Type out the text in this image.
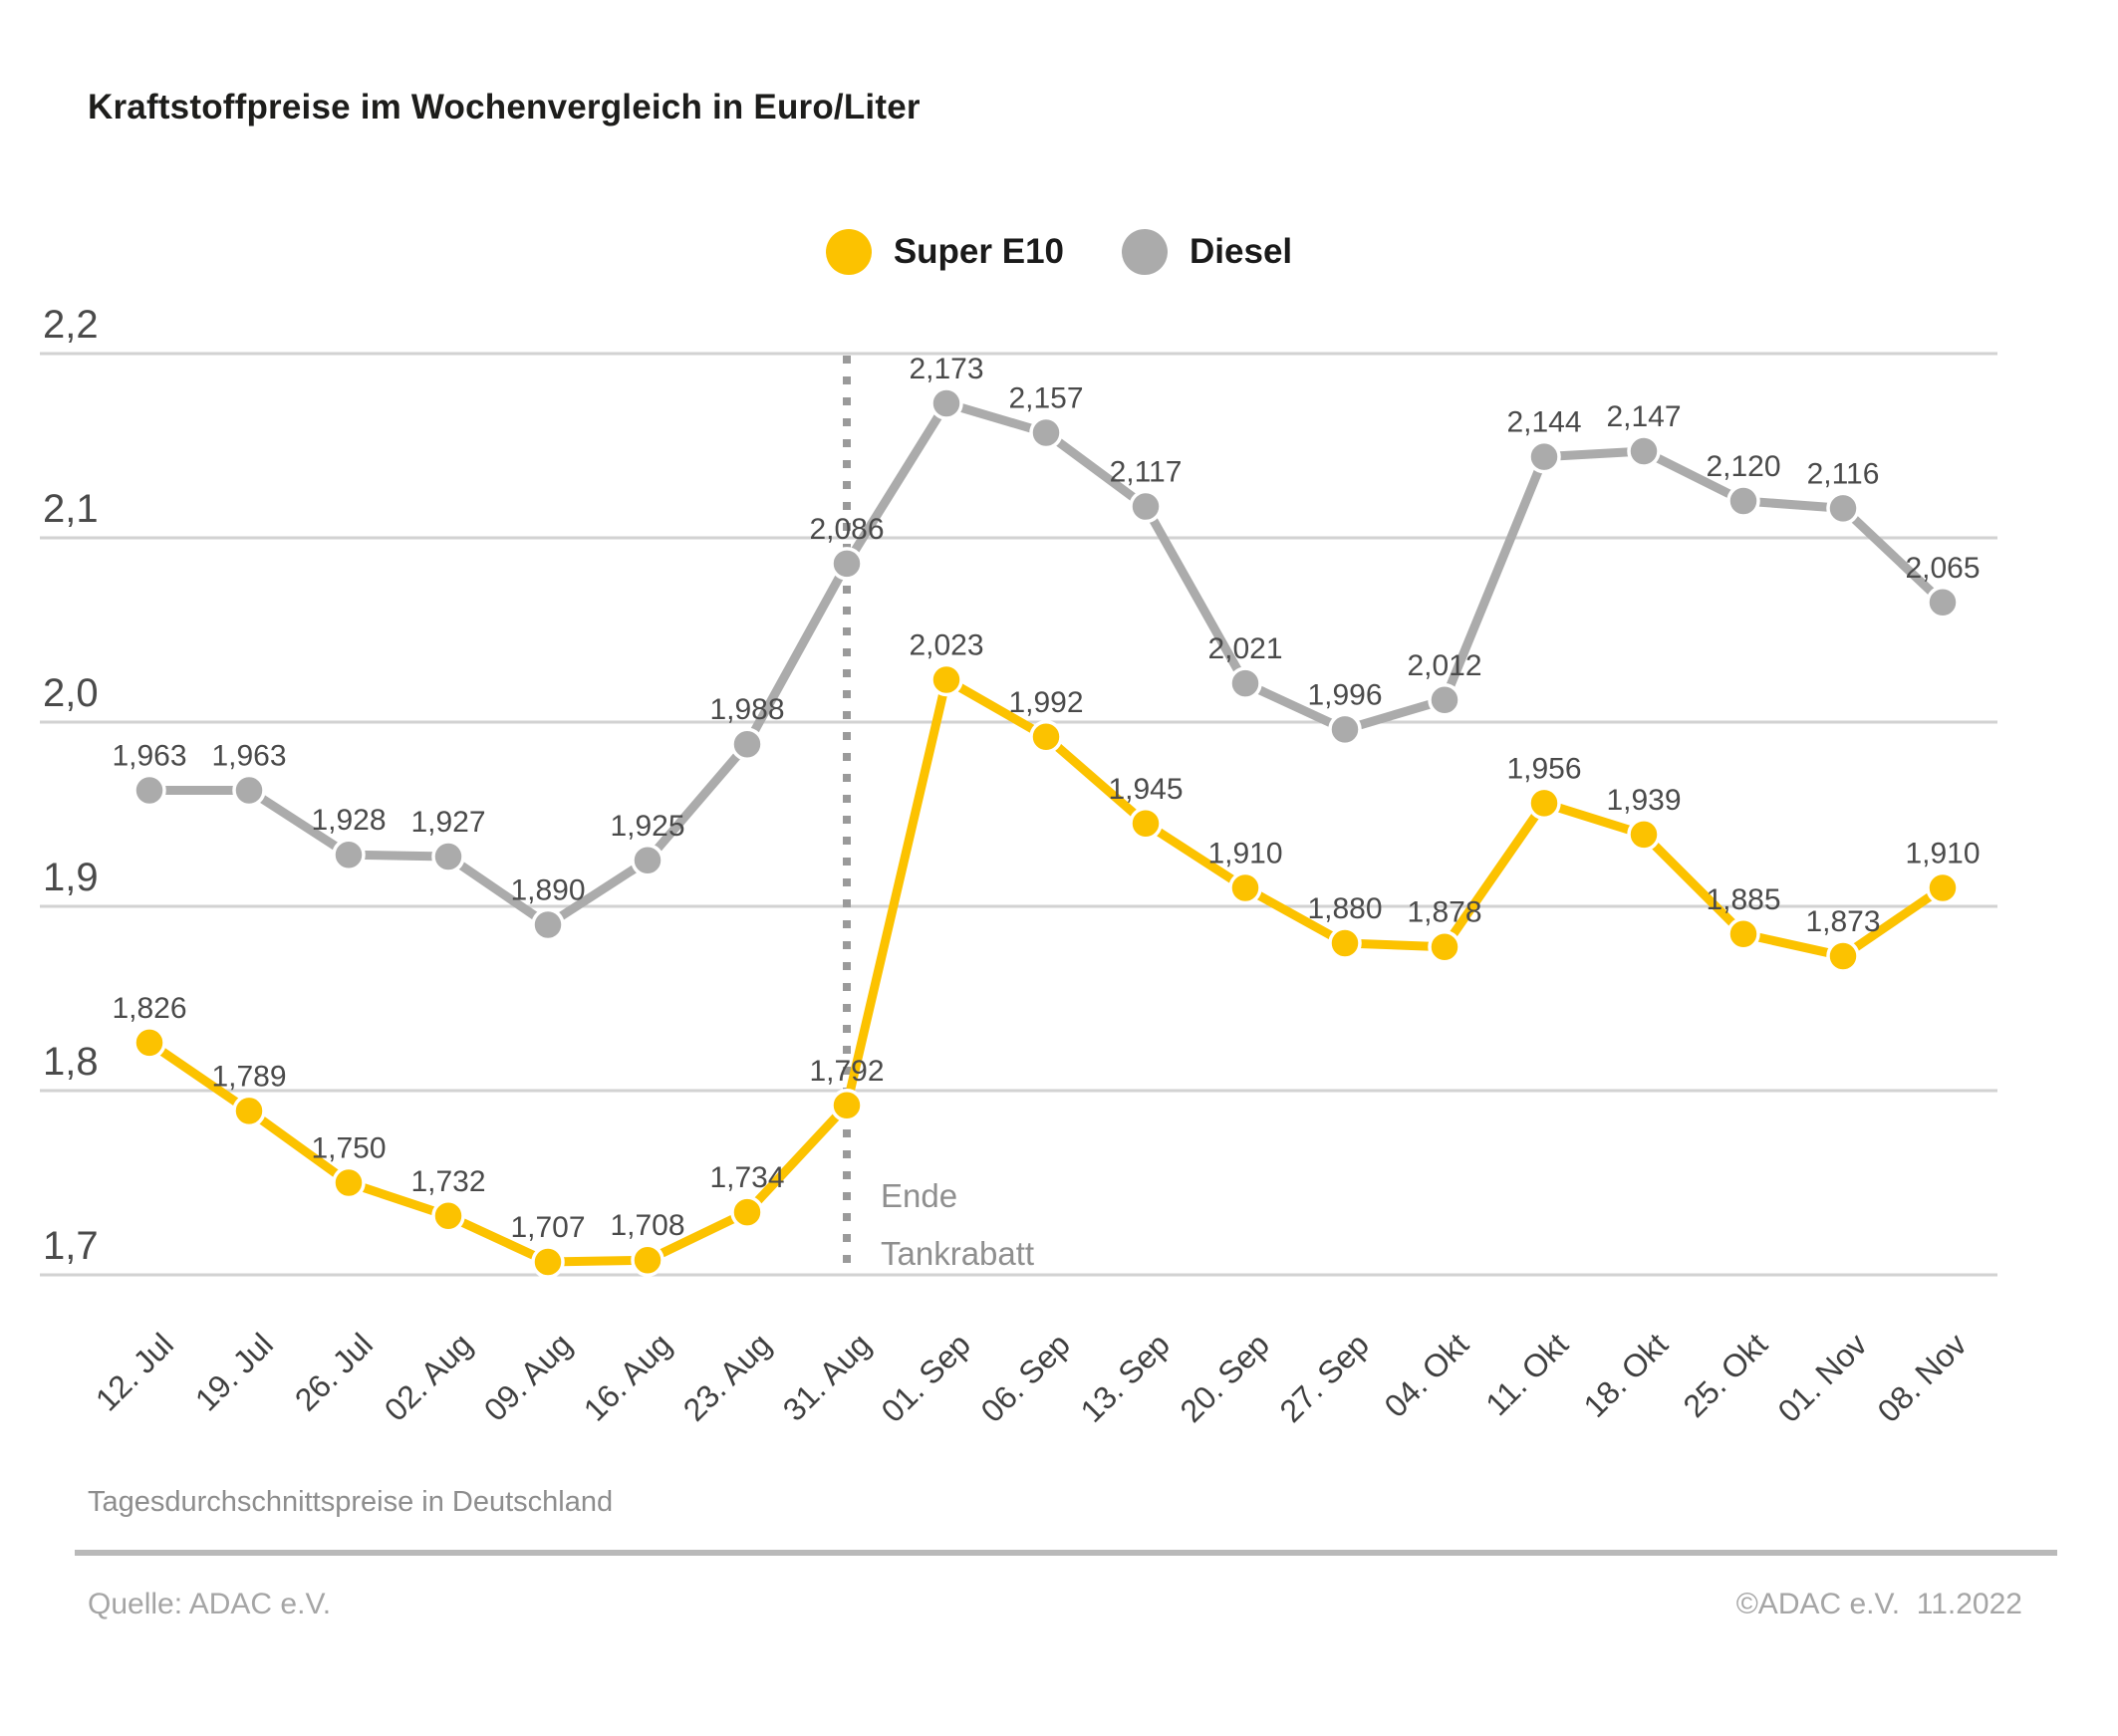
Kraftstoffpreise im Wochenvergleich in Euro/Liter
Super E10	Diesel
2,2
2,1
2,0
1,9
1,8
1,7
12. Jul 19. Jul 26. Jul
02. Aug
09. Aug
16. Aug
23. Aug
31. Aug
01. Sep
06. Sep
13. Sep
20. Sep
27. Sep 04. Okt 11. Okt 18. Okt 25. Okt
01. Nov
08. Nov
Ende
Tankrabatt
1,963 1,963
1,928 1,927
1,890
1,925
1,988
2,086
2,173
2,157
2,117
2,021
1,996
2,012
2,144 2,147
2,120 2,116
2,065
1,826
1,789
1,750
1,732
1,707 1,708
1,734
1,792
2,023
1,992
1,945
1,910
1,880 1,878
1,956
1,939
1,885
1,873
1,910
Tagesdurchschnittspreise in Deutschland
Quelle: ADAC e.V.	©ADAC e.V.  11.2022
